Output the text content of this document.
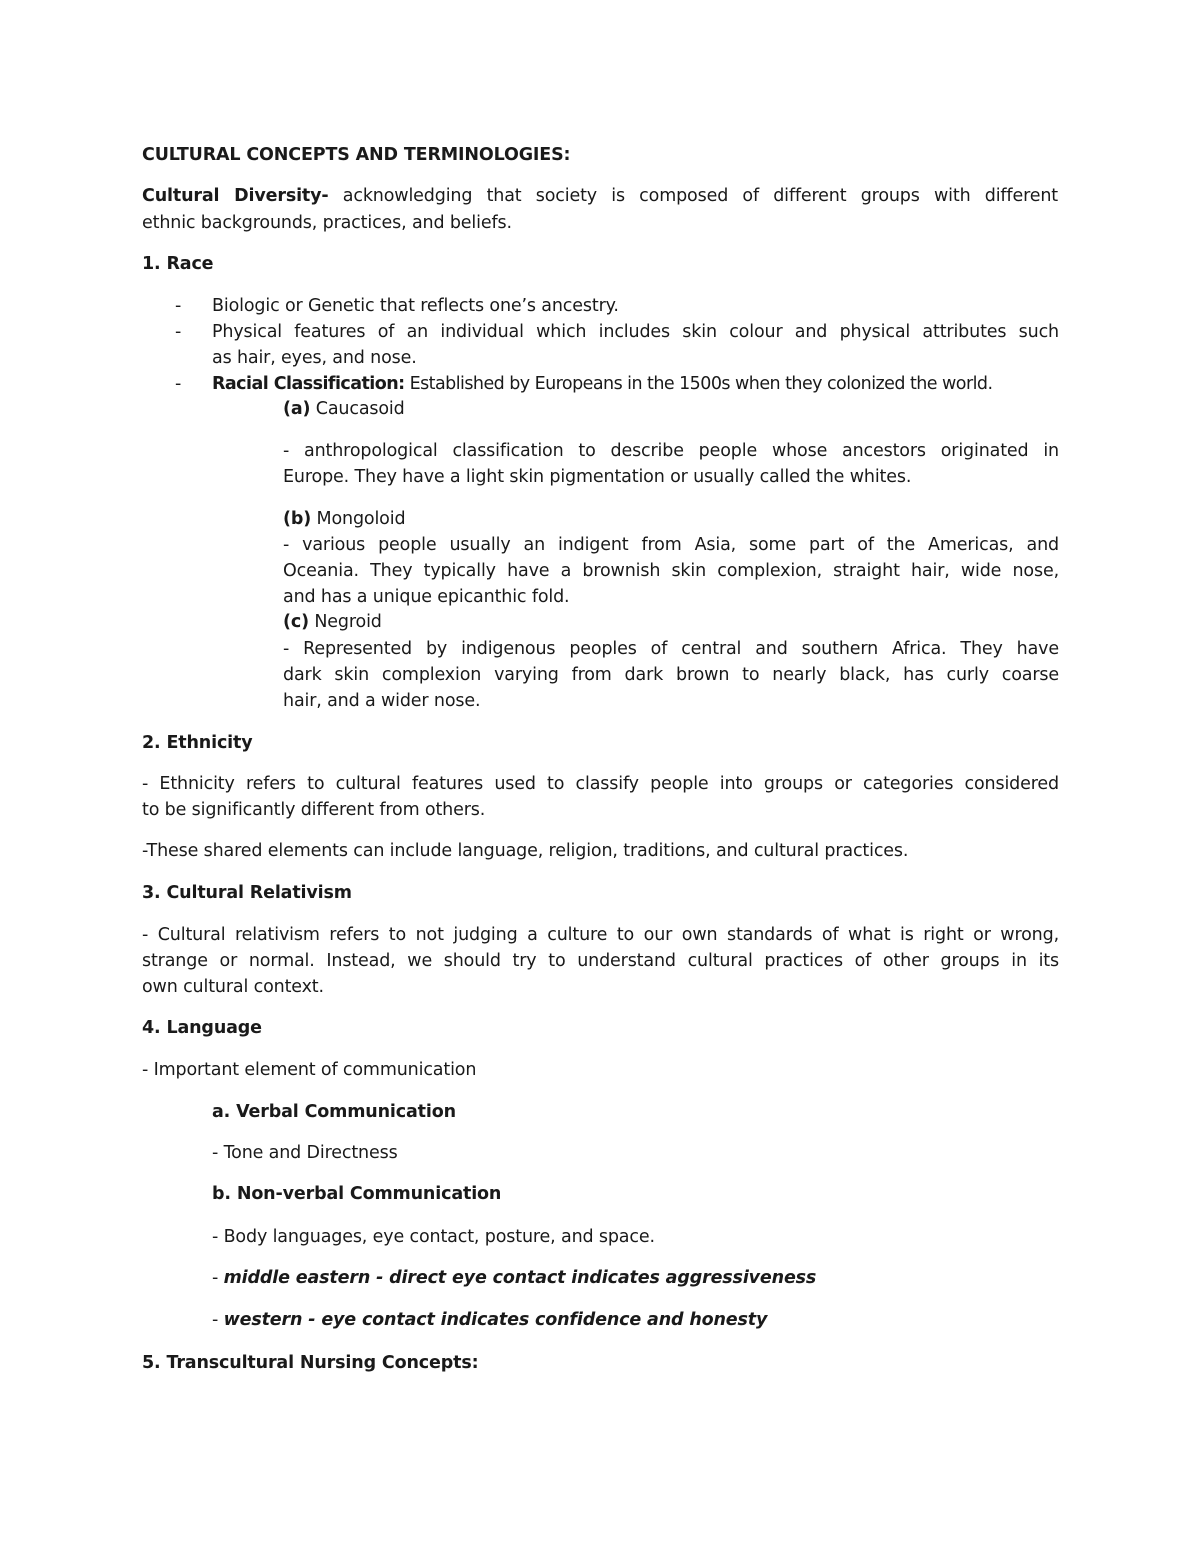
CULTURAL CONCEPTS AND TERMINOLOGIES:
Cultural Diversity- acknowledging that society is composed of different groups with different
ethnic backgrounds, practices, and beliefs.
1. Race
- Biologic or Genetic that reflects one’s ancestry.
- Physical features of an individual which includes skin colour and physical attributes such
as hair, eyes, and nose.
- Racial Classification: Established by Europeans in the 1500s when they colonized the world.
(a) Caucasoid
- anthropological classification to describe people whose ancestors originated in
Europe. They have a light skin pigmentation or usually called the whites.
(b) Mongoloid
- various people usually an indigent from Asia, some part of the Americas, and
Oceania. They typically have a brownish skin complexion, straight hair, wide nose,
and has a unique epicanthic fold.
(c) Negroid
- Represented by indigenous peoples of central and southern Africa. They have
dark skin complexion varying from dark brown to nearly black, has curly coarse
hair, and a wider nose.
2. Ethnicity
- Ethnicity refers to cultural features used to classify people into groups or categories considered
to be significantly different from others.
-These shared elements can include language, religion, traditions, and cultural practices.
3. Cultural Relativism
- Cultural relativism refers to not judging a culture to our own standards of what is right or wrong,
strange or normal. Instead, we should try to understand cultural practices of other groups in its
own cultural context.
4. Language
- Important element of communication
a. Verbal Communication
- Tone and Directness
b. Non-verbal Communication
- Body languages, eye contact, posture, and space.
- middle eastern - direct eye contact indicates aggressiveness
- western - eye contact indicates confidence and honesty
5. Transcultural Nursing Concepts:
